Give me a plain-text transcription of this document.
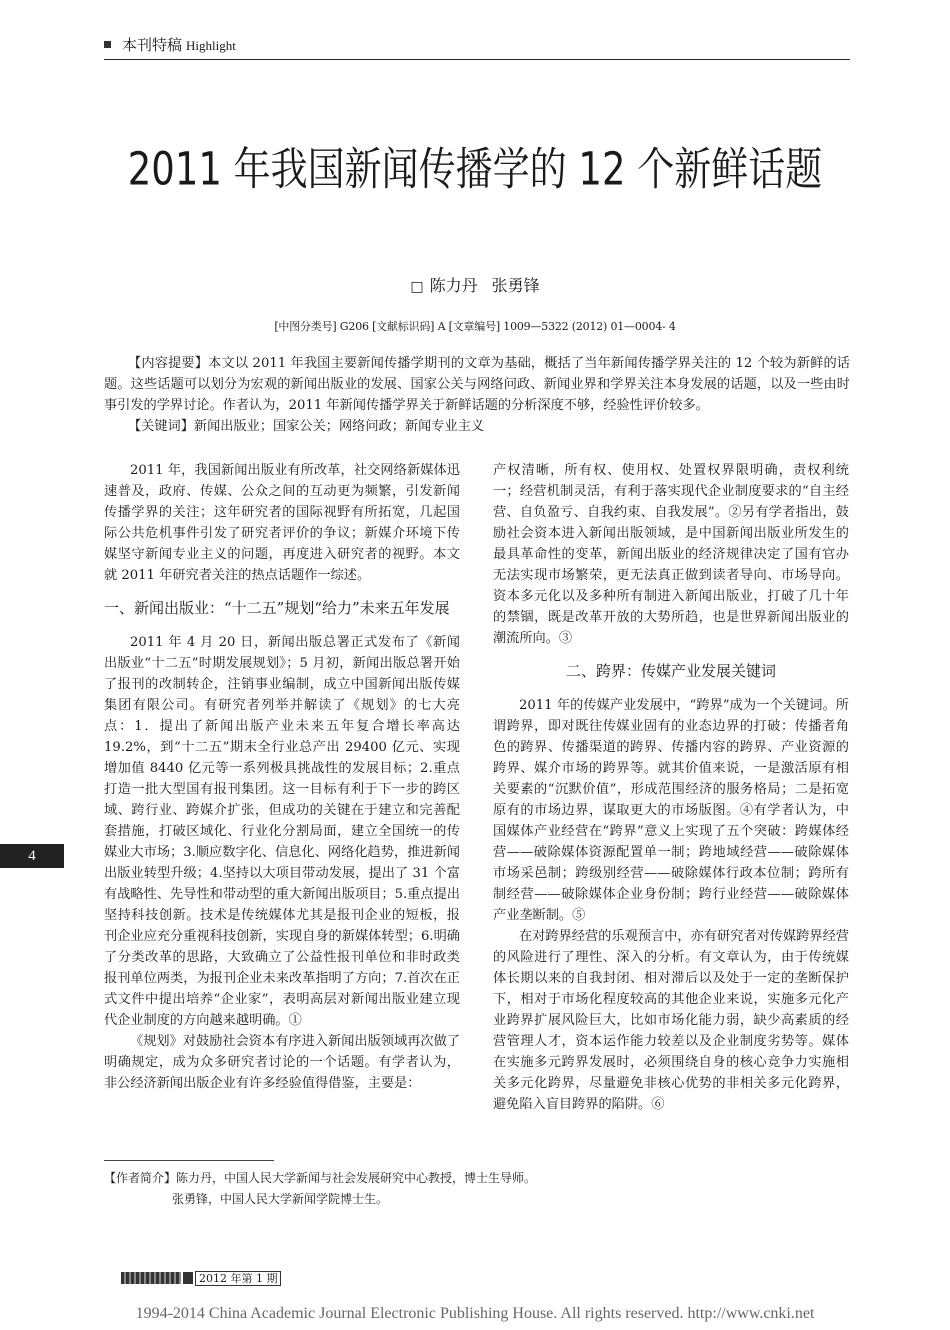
本刊特稿 Highlight
2011 年我国新闻传播学的 12 个新鲜话题
□ 陈力丹 张勇锋
[中图分类号] G206 [文献标识码] A [文章编号] 1009—5322 (2012) 01—0004- 4

【内容提要】本文以 2011 年我国主要新闻传播学期刊的文章为基础，概括了当年新闻传播学界关注的 12 个较为新鲜的话题。这些话题可以划分为宏观的新闻出版业的发展、国家公关与网络问政、新闻业界和学界关注本身发展的话题，以及一些由时事引发的学界讨论。作者认为，2011 年新闻传播学界关于新鲜话题的分析深度不够，经验性评价较多。

【关键词】新闻出版业；国家公关；网络问政；新闻专业主义

2011 年，我国新闻出版业有所改革，社交网络新媒体迅速普及，政府、传媒、公众之间的互动更为频繁，引发新闻传播学界的关注；这年研究者的国际视野有所拓宽，几起国际公共危机事件引发了研究者评价的争议；新媒介环境下传媒坚守新闻专业主义的问题，再度进入研究者的视野。本文就 2011 年研究者关注的热点话题作一综述。

一、新闻出版业：“十二五”规划“给力”未来五年发展

2011 年 4 月 20 日，新闻出版总署正式发布了《新闻出版业“十二五”时期发展规划》；5 月初，新闻出版总署开始了报刊的改制转企，注销事业编制，成立中国新闻出版传媒集团有限公司。有研究者列举并解读了《规划》的七大亮点：1．提出了新闻出版产业未来五年复合增长率高达 19.2%，到“十二五”期末全行业总产出 29400 亿元、实现增加值 8440 亿元等一系列极具挑战性的发展目标；2.重点打造一批大型国有报刊集团。这一目标有利于下一步的跨区域、跨行业、跨媒介扩张，但成功的关键在于建立和完善配套措施，打破区域化、行业化分割局面，建立全国统一的传媒业大市场；3.顺应数字化、信息化、网络化趋势，推进新闻出版业转型升级；4.坚持以大项目带动发展，提出了 31 个富有战略性、先导性和带动型的重大新闻出版项目；5.重点提出坚持科技创新。技术是传统媒体尤其是报刊企业的短板，报刊企业应充分重视科技创新，实现自身的新媒体转型；6.明确了分类改革的思路，大致确立了公益性报刊单位和非时政类报刊单位两类，为报刊企业未来改革指明了方向；7.首次在正式文件中提出培养“企业家”，表明高层对新闻出版业建立现代企业制度的方向越来越明确。①

《规划》对鼓励社会资本有序进入新闻出版领域再次做了明确规定，成为众多研究者讨论的一个话题。有学者认为，非公经济新闻出版企业有许多经验值得借鉴，主要是：

产权清晰，所有权、使用权、处置权界限明确，责权利统一；经营机制灵活，有利于落实现代企业制度要求的“自主经营、自负盈亏、自我约束、自我发展”。②另有学者指出，鼓励社会资本进入新闻出版领域，是中国新闻出版业所发生的最具革命性的变革，新闻出版业的经济规律决定了国有官办无法实现市场繁荣，更无法真正做到读者导向、市场导向。资本多元化以及多种所有制进入新闻出版业，打破了几十年的禁锢，既是改革开放的大势所趋，也是世界新闻出版业的潮流所向。③

二、跨界：传媒产业发展关键词

2011 年的传媒产业发展中，“跨界”成为一个关键词。所谓跨界，即对既往传媒业固有的业态边界的打破：传播者角色的跨界、传播渠道的跨界、传播内容的跨界、产业资源的跨界、媒介市场的跨界等。就其价值来说，一是激活原有相关要素的“沉默价值”，形成范围经济的服务格局；二是拓宽原有的市场边界，谋取更大的市场版图。④有学者认为，中国媒体产业经营在“跨界”意义上实现了五个突破：跨媒体经营——破除媒体资源配置单一制；跨地域经营——破除媒体市场采邑制；跨级别经营——破除媒体行政本位制；跨所有制经营——破除媒体企业身份制；跨行业经营——破除媒体产业垄断制。⑤

在对跨界经营的乐观预言中，亦有研究者对传媒跨界经营的风险进行了理性、深入的分析。有文章认为，由于传统媒体长期以来的自我封闭、相对滞后以及处于一定的垄断保护下，相对于市场化程度较高的其他企业来说，实施多元化产业跨界扩展风险巨大，比如市场化能力弱，缺少高素质的经营管理人才，资本运作能力较差以及企业制度劣势等。媒体在实施多元跨界发展时，必须围绕自身的核心竞争力实施相关多元化跨界，尽量避免非核心优势的非相关多元化跨界，避免陷入盲目跨界的陷阱。⑥

4
【作者简介】陈力丹，中国人民大学新闻与社会发展研究中心教授，博士生导师。
张勇锋，中国人民大学新闻学院博士生。
2012 年第 1 期
1994-2014 China Academic Journal Electronic Publishing House. All rights reserved. http://www.cnki.net
